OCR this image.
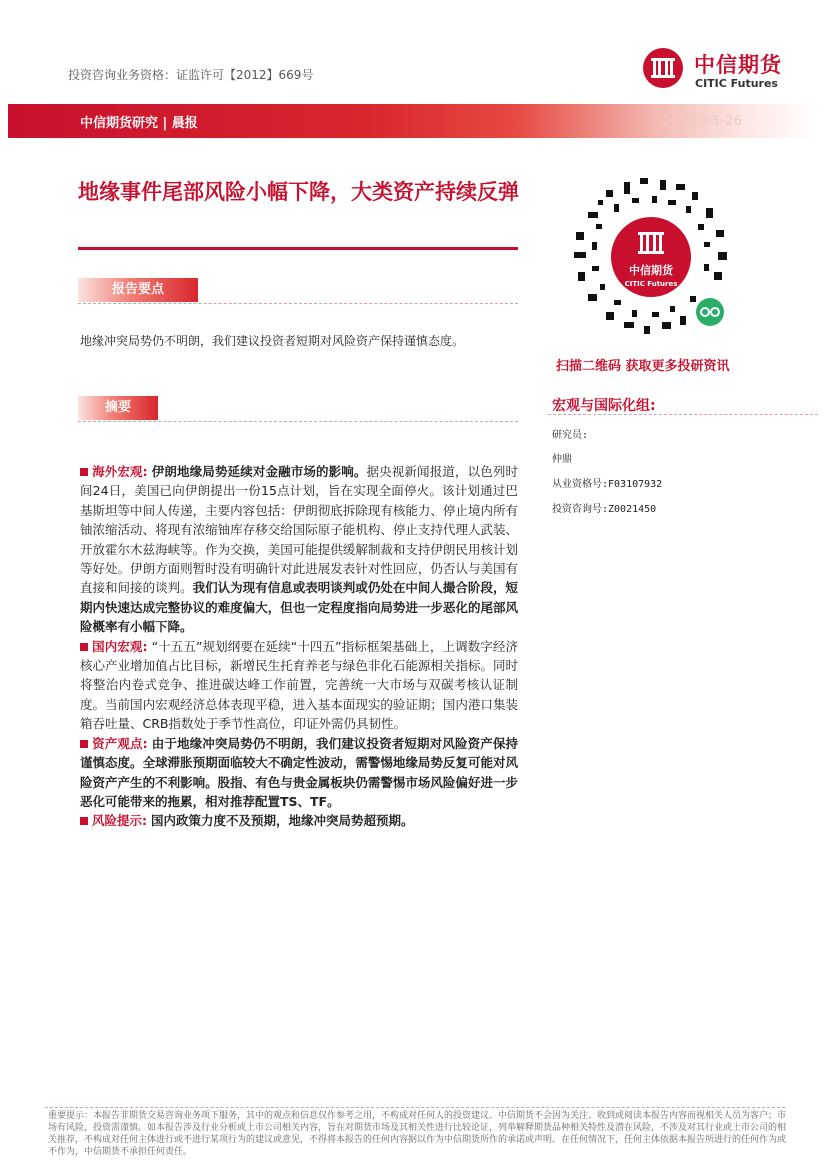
投资咨询业务资格：证监许可【2012】669号	中信期货
CITIC Futures
中信期货研究 | 晨报	2026-03-26
地缘事件尾部风险小幅下降，大类资产持续反弹
报告要点
地缘冲突局势仍不明朗，我们建议投资者短期对风险资产保持谨慎态度。
摘要

海外宏观: 伊朗地缘局势延续对金融市场的影响。据央视新闻报道，以色列时间24日，美国已向伊朗提出一份15点计划，旨在实现全面停火。该计划通过巴基斯坦等中间人传递，主要内容包括：伊朗彻底拆除现有核能力、停止境内所有铀浓缩活动、将现有浓缩铀库存移交给国际原子能机构、停止支持代理人武装、开放霍尔木兹海峡等。作为交换，美国可能提供缓解制裁和支持伊朗民用核计划等好处。伊朗方面则暂时没有明确针对此进展发表针对性回应，仍否认与美国有直接和间接的谈判。我们认为现有信息或表明谈判或仍处在中间人撮合阶段，短期内快速达成完整协议的难度偏大，但也一定程度指向局势进一步恶化的尾部风险概率有小幅下降。

国内宏观: “十五五”规划纲要在延续“十四五”指标框架基础上，上调数字经济核心产业增加值占比目标，新增民生托育养老与绿色非化石能源相关指标。同时将整治内卷式竞争、推进碳达峰工作前置，完善统一大市场与双碳考核认证制度。当前国内宏观经济总体表现平稳，进入基本面现实的验证期；国内港口集装箱吞吐量、CRB指数处于季节性高位，印证外需仍具韧性。

资产观点: 由于地缘冲突局势仍不明朗，我们建议投资者短期对风险资产保持谨慎态度。全球滞胀预期面临较大不确定性波动，需警惕地缘局势反复可能对风险资产产生的不利影响。股指、有色与贵金属板块仍需警惕市场风险偏好进一步恶化可能带来的拖累，相对推荐配置TS、TF。

风险提示: 国内政策力度不及预期，地缘冲突局势超预期。

中信期货
CITIC Futures
扫描二维码 获取更多投研资讯
宏观与国际化组:
研究员:
仲鼎
从业资格号:F03107932
投资咨询号:Z0021450
重要提示：本报告非期货交易咨询业务项下服务，其中的观点和信息仅作参考之用，不构成对任何人的投资建议。中信期货不会因为关注、收到或阅读本报告内容而视相关人员为客户；市场有风险，投资需谨慎。如本报告涉及行业分析或上市公司相关内容，旨在对期货市场及其相关性进行比较论证，列举解释期货品种相关特性及潜在风险，不涉及对其行业或上市公司的相关推荐，不构成对任何主体进行或不进行某项行为的建议或意见，不得将本报告的任何内容据以作为中信期货所作的承诺或声明。在任何情况下，任何主体依据本报告所进行的任何作为或不作为，中信期货不承担任何责任。
